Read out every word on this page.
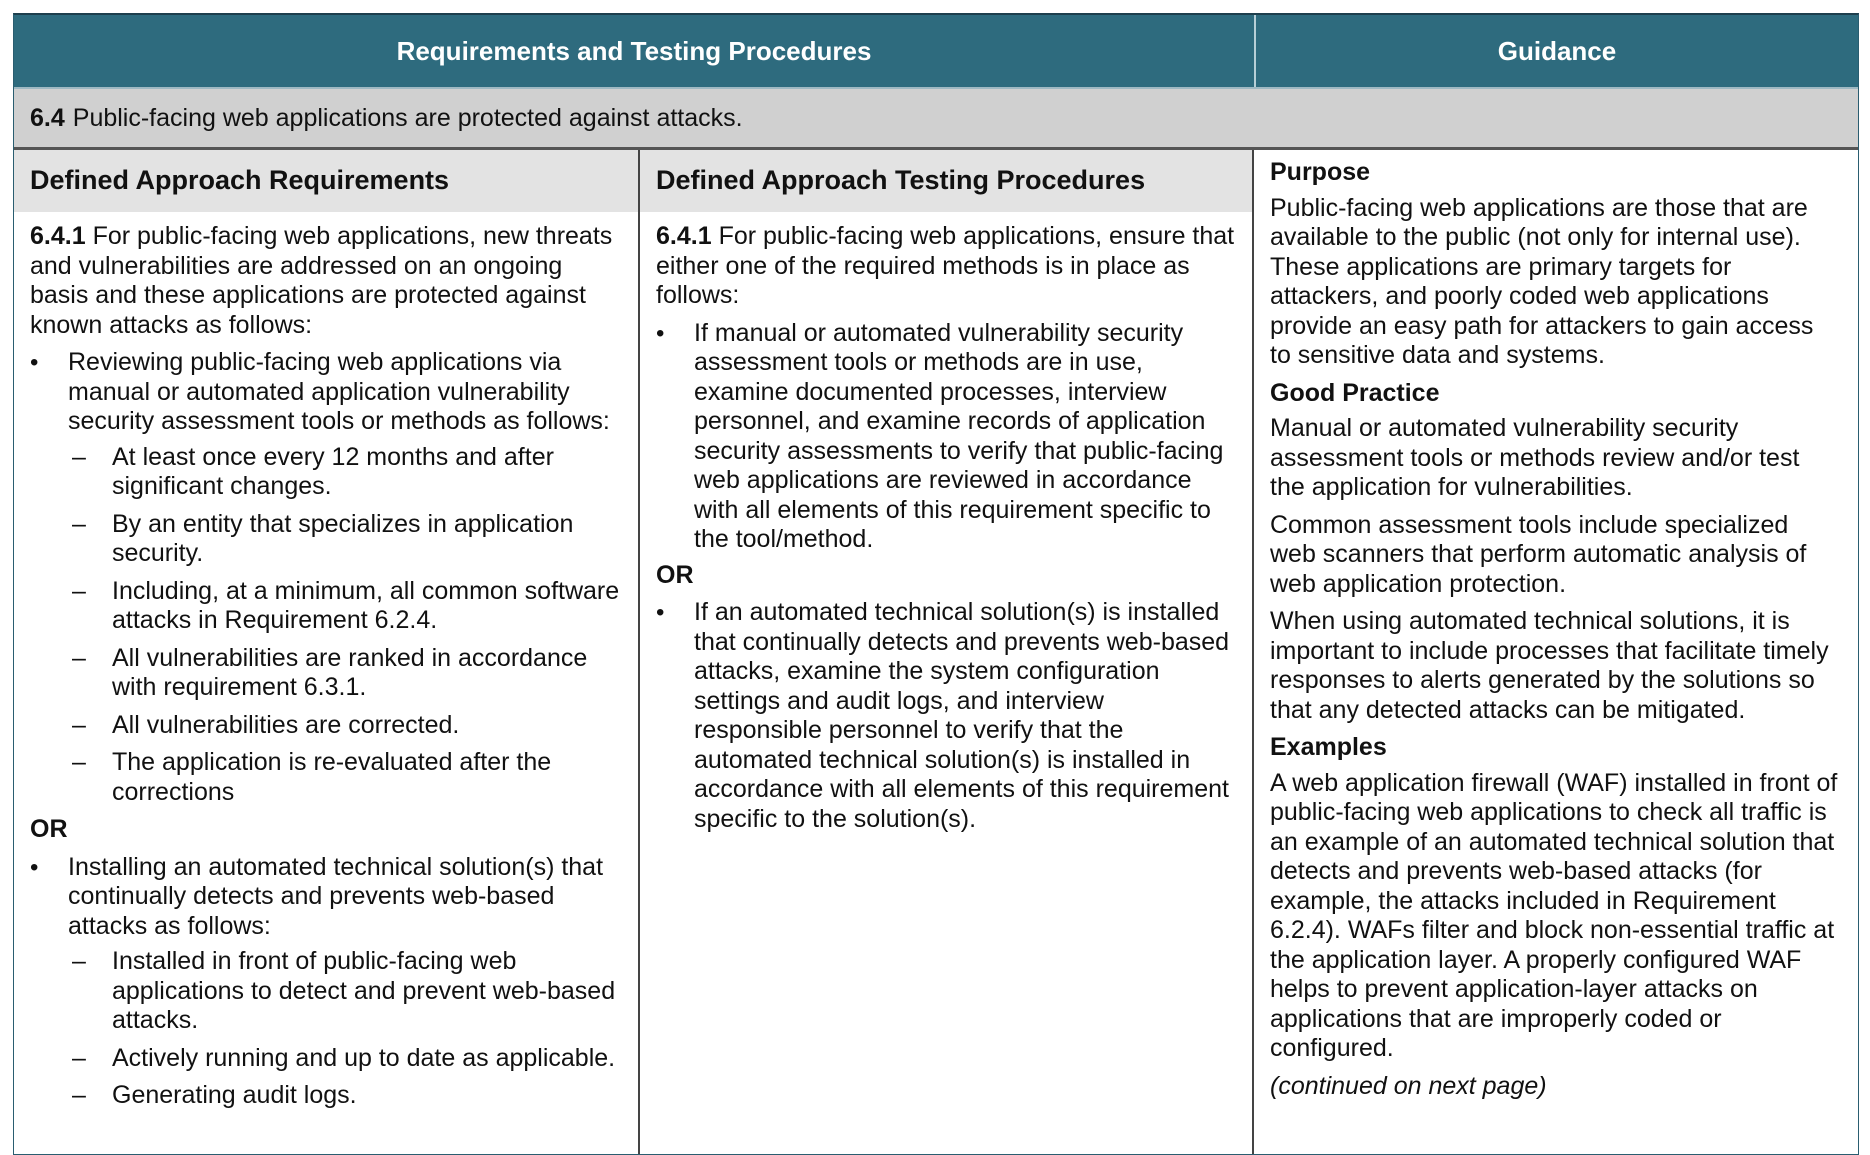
Requirements and Testing Procedures	Guidance
6.4 Public-facing web applications are protected against attacks.
Defined Approach Requirements

6.4.1 For public-facing web applications, new threats and vulnerabilities are addressed on an ongoing basis and these applications are protected against known attacks as follows:

• Reviewing public-facing web applications via manual or automated application vulnerability security assessment tools or methods as follows:
– At least once every 12 months and after significant changes.
– By an entity that specializes in application security.
– Including, at a minimum, all common software attacks in Requirement 6.2.4.
– All vulnerabilities are ranked in accordance with requirement 6.3.1.
– All vulnerabilities are corrected.
– The application is re-evaluated after the corrections
OR
• Installing an automated technical solution(s) that continually detects and prevents web-based attacks as follows:
– Installed in front of public-facing web applications to detect and prevent web-based attacks.
– Actively running and up to date as applicable.
– Generating audit logs.
Defined Approach Testing Procedures

6.4.1 For public-facing web applications, ensure that either one of the required methods is in place as follows:

• If manual or automated vulnerability security assessment tools or methods are in use, examine documented processes, interview personnel, and examine records of application security assessments to verify that public-facing web applications are reviewed in accordance with all elements of this requirement specific to the tool/method.
OR
• If an automated technical solution(s) is installed that continually detects and prevents web-based attacks, examine the system configuration settings and audit logs, and interview responsible personnel to verify that the automated technical solution(s) is installed in accordance with all elements of this requirement specific to the solution(s).
Purpose

Public-facing web applications are those that are available to the public (not only for internal use). These applications are primary targets for attackers, and poorly coded web applications provide an easy path for attackers to gain access to sensitive data and systems.

Good Practice

Manual or automated vulnerability security assessment tools or methods review and/or test the application for vulnerabilities.

Common assessment tools include specialized web scanners that perform automatic analysis of web application protection.

When using automated technical solutions, it is important to include processes that facilitate timely responses to alerts generated by the solutions so that any detected attacks can be mitigated.

Examples

A web application firewall (WAF) installed in front of public-facing web applications to check all traffic is an example of an automated technical solution that detects and prevents web-based attacks (for example, the attacks included in Requirement 6.2.4). WAFs filter and block non-essential traffic at the application layer. A properly configured WAF helps to prevent application-layer attacks on applications that are improperly coded or configured.

(continued on next page)
